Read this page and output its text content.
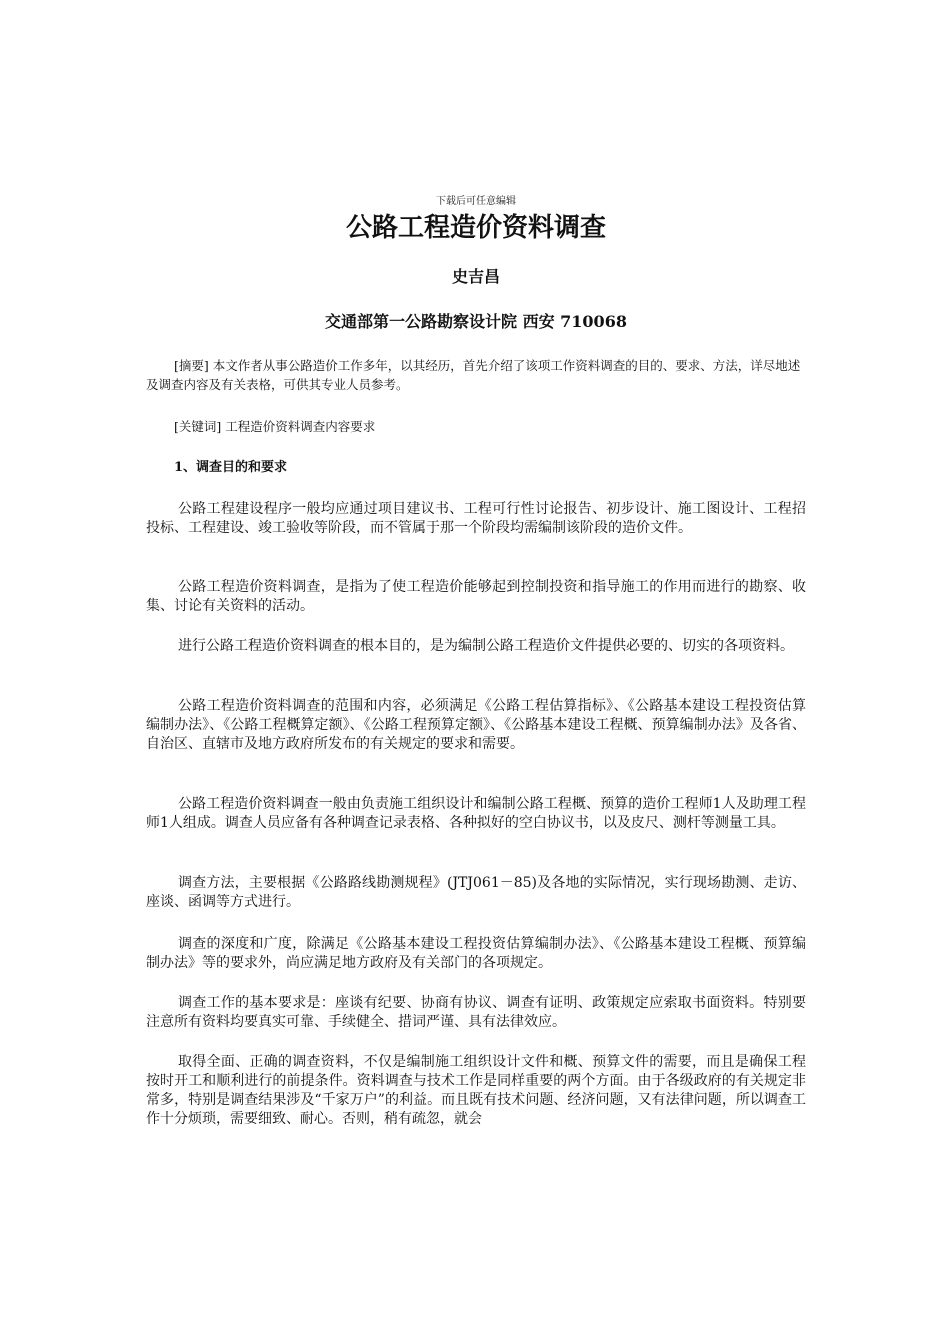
下载后可任意编辑
公路工程造价资料调查
史吉昌
交通部第一公路勘察设计院 西安 710068

[摘要] 本文作者从事公路造价工作多年，以其经历，首先介绍了该项工作资料调查的目的、要求、方法，详尽地述及调查内容及有关表格，可供其专业人员参考。

[关键词] 工程造价资料调查内容要求

1、调查目的和要求

公路工程建设程序一般均应通过项目建议书、工程可行性讨论报告、初步设计、施工图设计、工程招投标、工程建设、竣工验收等阶段，而不管属于那一个阶段均需编制该阶段的造价文件。

公路工程造价资料调查，是指为了使工程造价能够起到控制投资和指导施工的作用而进行的勘察、收集、讨论有关资料的活动。

进行公路工程造价资料调查的根本目的，是为编制公路工程造价文件提供必要的、切实的各项资料。

公路工程造价资料调查的范围和内容，必须满足《公路工程估算指标》、《公路基本建设工程投资估算编制办法》、《公路工程概算定额》、《公路工程预算定额》、《公路基本建设工程概、预算编制办法》及各省、自治区、直辖市及地方政府所发布的有关规定的要求和需要。

公路工程造价资料调查一般由负责施工组织设计和编制公路工程概、预算的造价工程师1人及助理工程师1人组成。调查人员应备有各种调查记录表格、各种拟好的空白协议书，以及皮尺、测杆等测量工具。

调查方法，主要根据《公路路线勘测规程》(JTJ061－85)及各地的实际情况，实行现场勘测、走访、座谈、函调等方式进行。

调查的深度和广度，除满足《公路基本建设工程投资估算编制办法》、《公路基本建设工程概、预算编制办法》等的要求外，尚应满足地方政府及有关部门的各项规定。

调查工作的基本要求是：座谈有纪要、协商有协议、调查有证明、政策规定应索取书面资料。特别要注意所有资料均要真实可靠、手续健全、措词严谨、具有法律效应。

取得全面、正确的调查资料，不仅是编制施工组织设计文件和概、预算文件的需要，而且是确保工程按时开工和顺利进行的前提条件。资料调查与技术工作是同样重要的两个方面。由于各级政府的有关规定非常多，特别是调查结果涉及“千家万户”的利益。而且既有技术问题、经济问题，又有法律问题，所以调查工作十分烦琐，需要细致、耐心。否则，稍有疏忽，就会
